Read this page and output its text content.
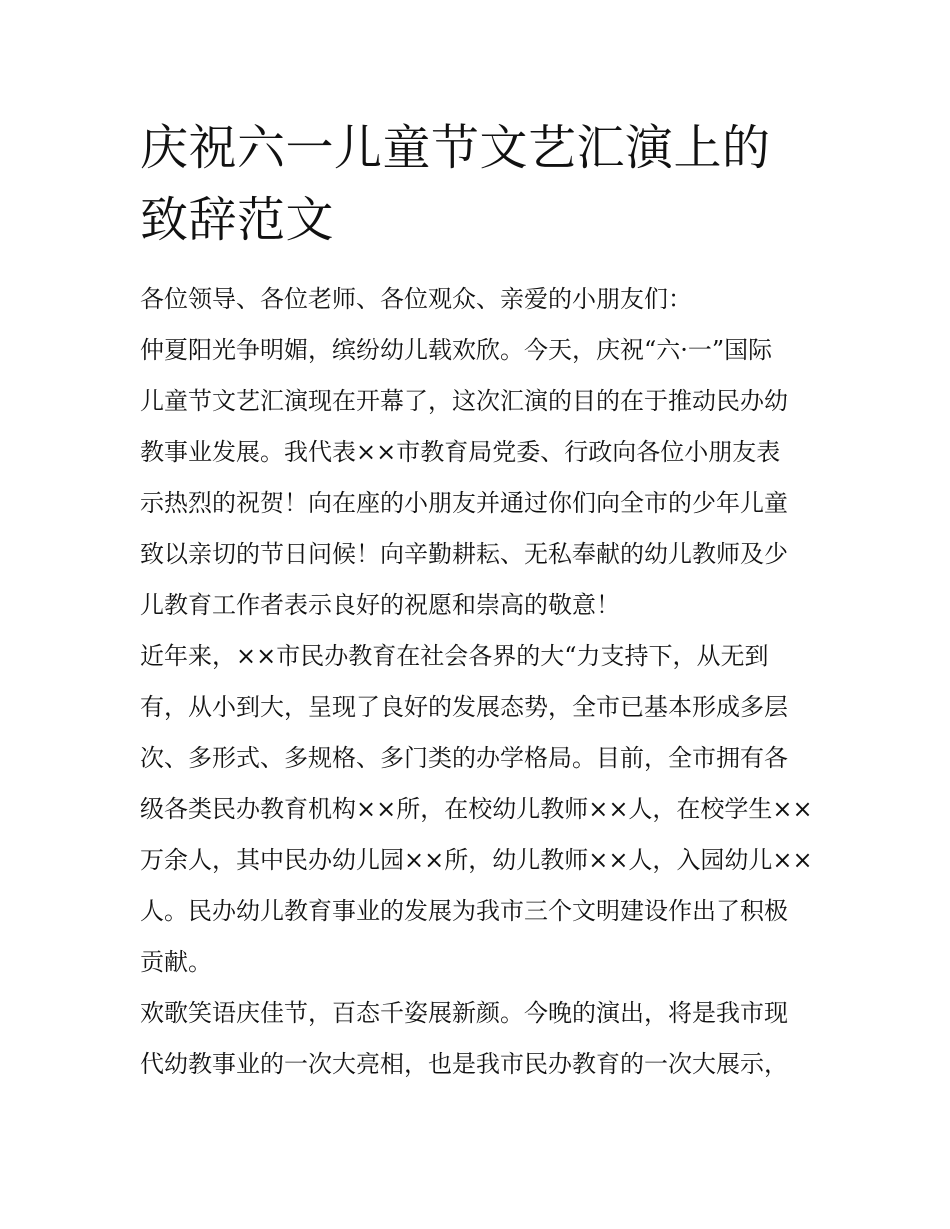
庆祝六一儿童节文艺汇演上的
致辞范文
各位领导、各位老师、各位观众、亲爱的小朋友们：
仲夏阳光争明媚，缤纷幼儿载欢欣。今天，庆祝“六·一”国际
儿童节文艺汇演现在开幕了，这次汇演的目的在于推动民办幼
教事业发展。我代表××市教育局党委、行政向各位小朋友表
示热烈的祝贺！向在座的小朋友并通过你们向全市的少年儿童
致以亲切的节日问候！向辛勤耕耘、无私奉献的幼儿教师及少
儿教育工作者表示良好的祝愿和崇高的敬意！
近年来，××市民办教育在社会各界的大“力支持下，从无到
有，从小到大，呈现了良好的发展态势，全市已基本形成多层
次、多形式、多规格、多门类的办学格局。目前，全市拥有各
级各类民办教育机构××所，在校幼儿教师××人，在校学生××
万余人，其中民办幼儿园××所，幼儿教师××人，入园幼儿××
人。民办幼儿教育事业的发展为我市三个文明建设作出了积极
贡献。
欢歌笑语庆佳节，百态千姿展新颜。今晚的演出，将是我市现
代幼教事业的一次大亮相，也是我市民办教育的一次大展示，
